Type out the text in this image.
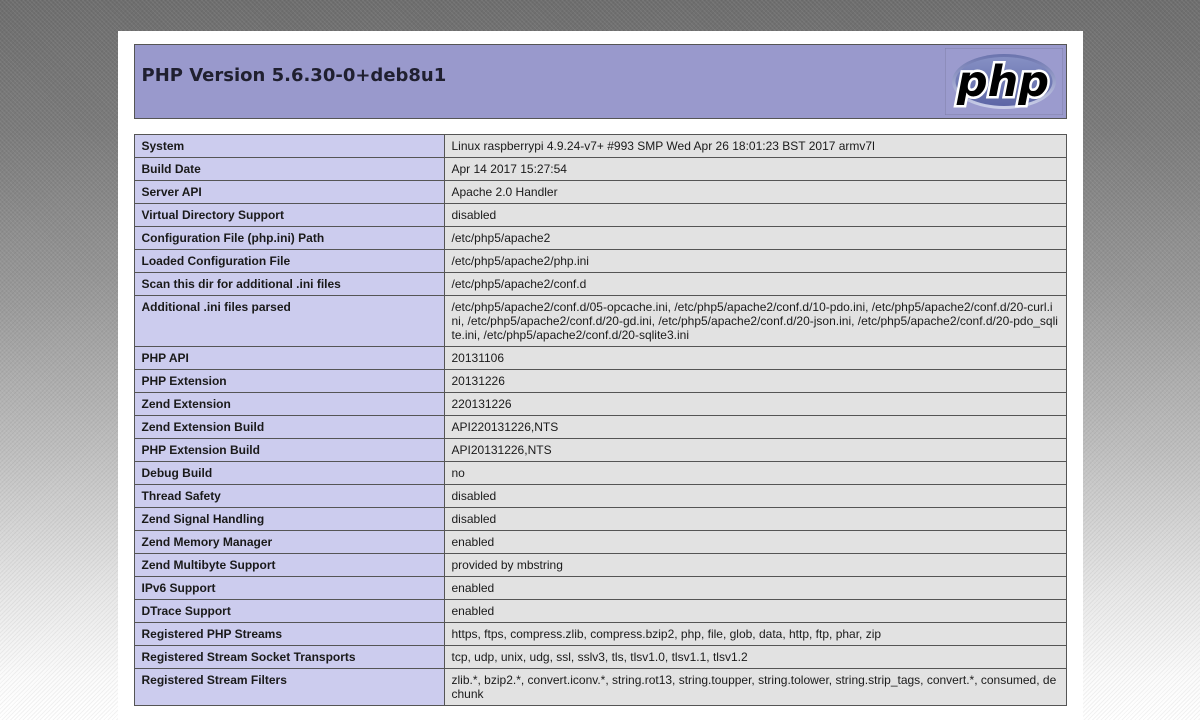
PHP Version 5.6.30-0+deb8u1	php
System	Linux raspberrypi 4.9.24-v7+ #993 SMP Wed Apr 26 18:01:23 BST 2017 armv7l
Build Date	Apr 14 2017 15:27:54
Server API	Apache 2.0 Handler
Virtual Directory Support	disabled
Configuration File (php.ini) Path	/etc/php5/apache2
Loaded Configuration File	/etc/php5/apache2/php.ini
Scan this dir for additional .ini files	/etc/php5/apache2/conf.d
Additional .ini files parsed	/etc/php5/apache2/conf.d/05-opcache.ini, /etc/php5/apache2/conf.d/10-pdo.ini, /etc/php5/apache2/conf.d/20-curl.ini, /etc/php5/apache2/conf.d/20-gd.ini, /etc/php5/apache2/conf.d/20-json.ini, /etc/php5/apache2/conf.d/20-pdo_sqlite.ini, /etc/php5/apache2/conf.d/20-sqlite3.ini
PHP API	20131106
PHP Extension	20131226
Zend Extension	220131226
Zend Extension Build	API220131226,NTS
PHP Extension Build	API20131226,NTS
Debug Build	no
Thread Safety	disabled
Zend Signal Handling	disabled
Zend Memory Manager	enabled
Zend Multibyte Support	provided by mbstring
IPv6 Support	enabled
DTrace Support	enabled
Registered PHP Streams	https, ftps, compress.zlib, compress.bzip2, php, file, glob, data, http, ftp, phar, zip
Registered Stream Socket Transports	tcp, udp, unix, udg, ssl, sslv3, tls, tlsv1.0, tlsv1.1, tlsv1.2
Registered Stream Filters	zlib.*, bzip2.*, convert.iconv.*, string.rot13, string.toupper, string.tolower, string.strip_tags, convert.*, consumed, dechunk
